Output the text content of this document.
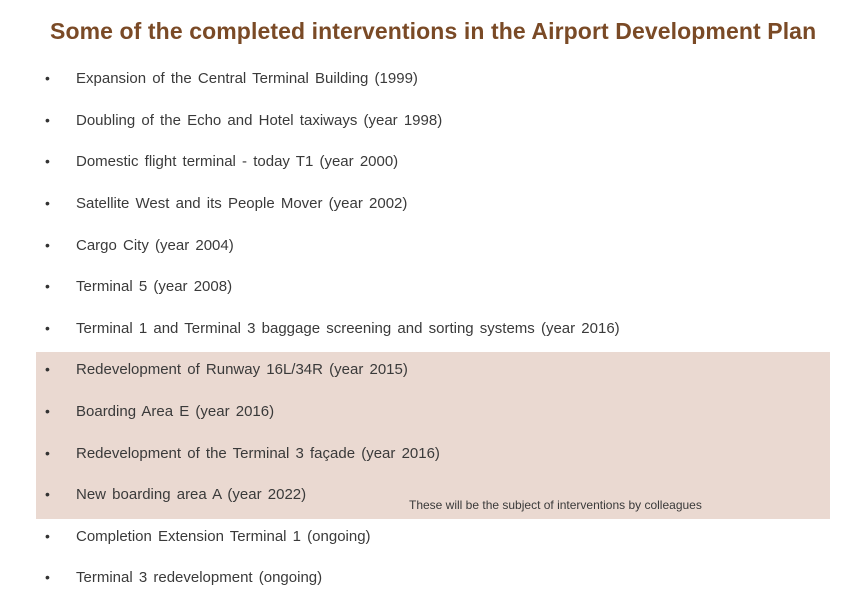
Some of the completed interventions in the Airport Development Plan
• Expansion of the Central Terminal Building (1999)
• Doubling of the Echo and Hotel taxiways (year 1998)
• Domestic flight terminal - today T1 (year 2000)
• Satellite West and its People Mover (year 2002)
• Cargo City (year 2004)
• Terminal 5 (year 2008)
• Terminal 1 and Terminal 3 baggage screening and sorting systems (year 2016)
• Redevelopment of Runway 16L/34R (year 2015)
• Boarding Area E (year 2016)
• Redevelopment of the Terminal 3 façade (year 2016)
• New boarding area A (year 2022)
• Completion Extension Terminal 1 (ongoing)
• Terminal 3 redevelopment (ongoing)
These will be the subject of interventions by colleagues
